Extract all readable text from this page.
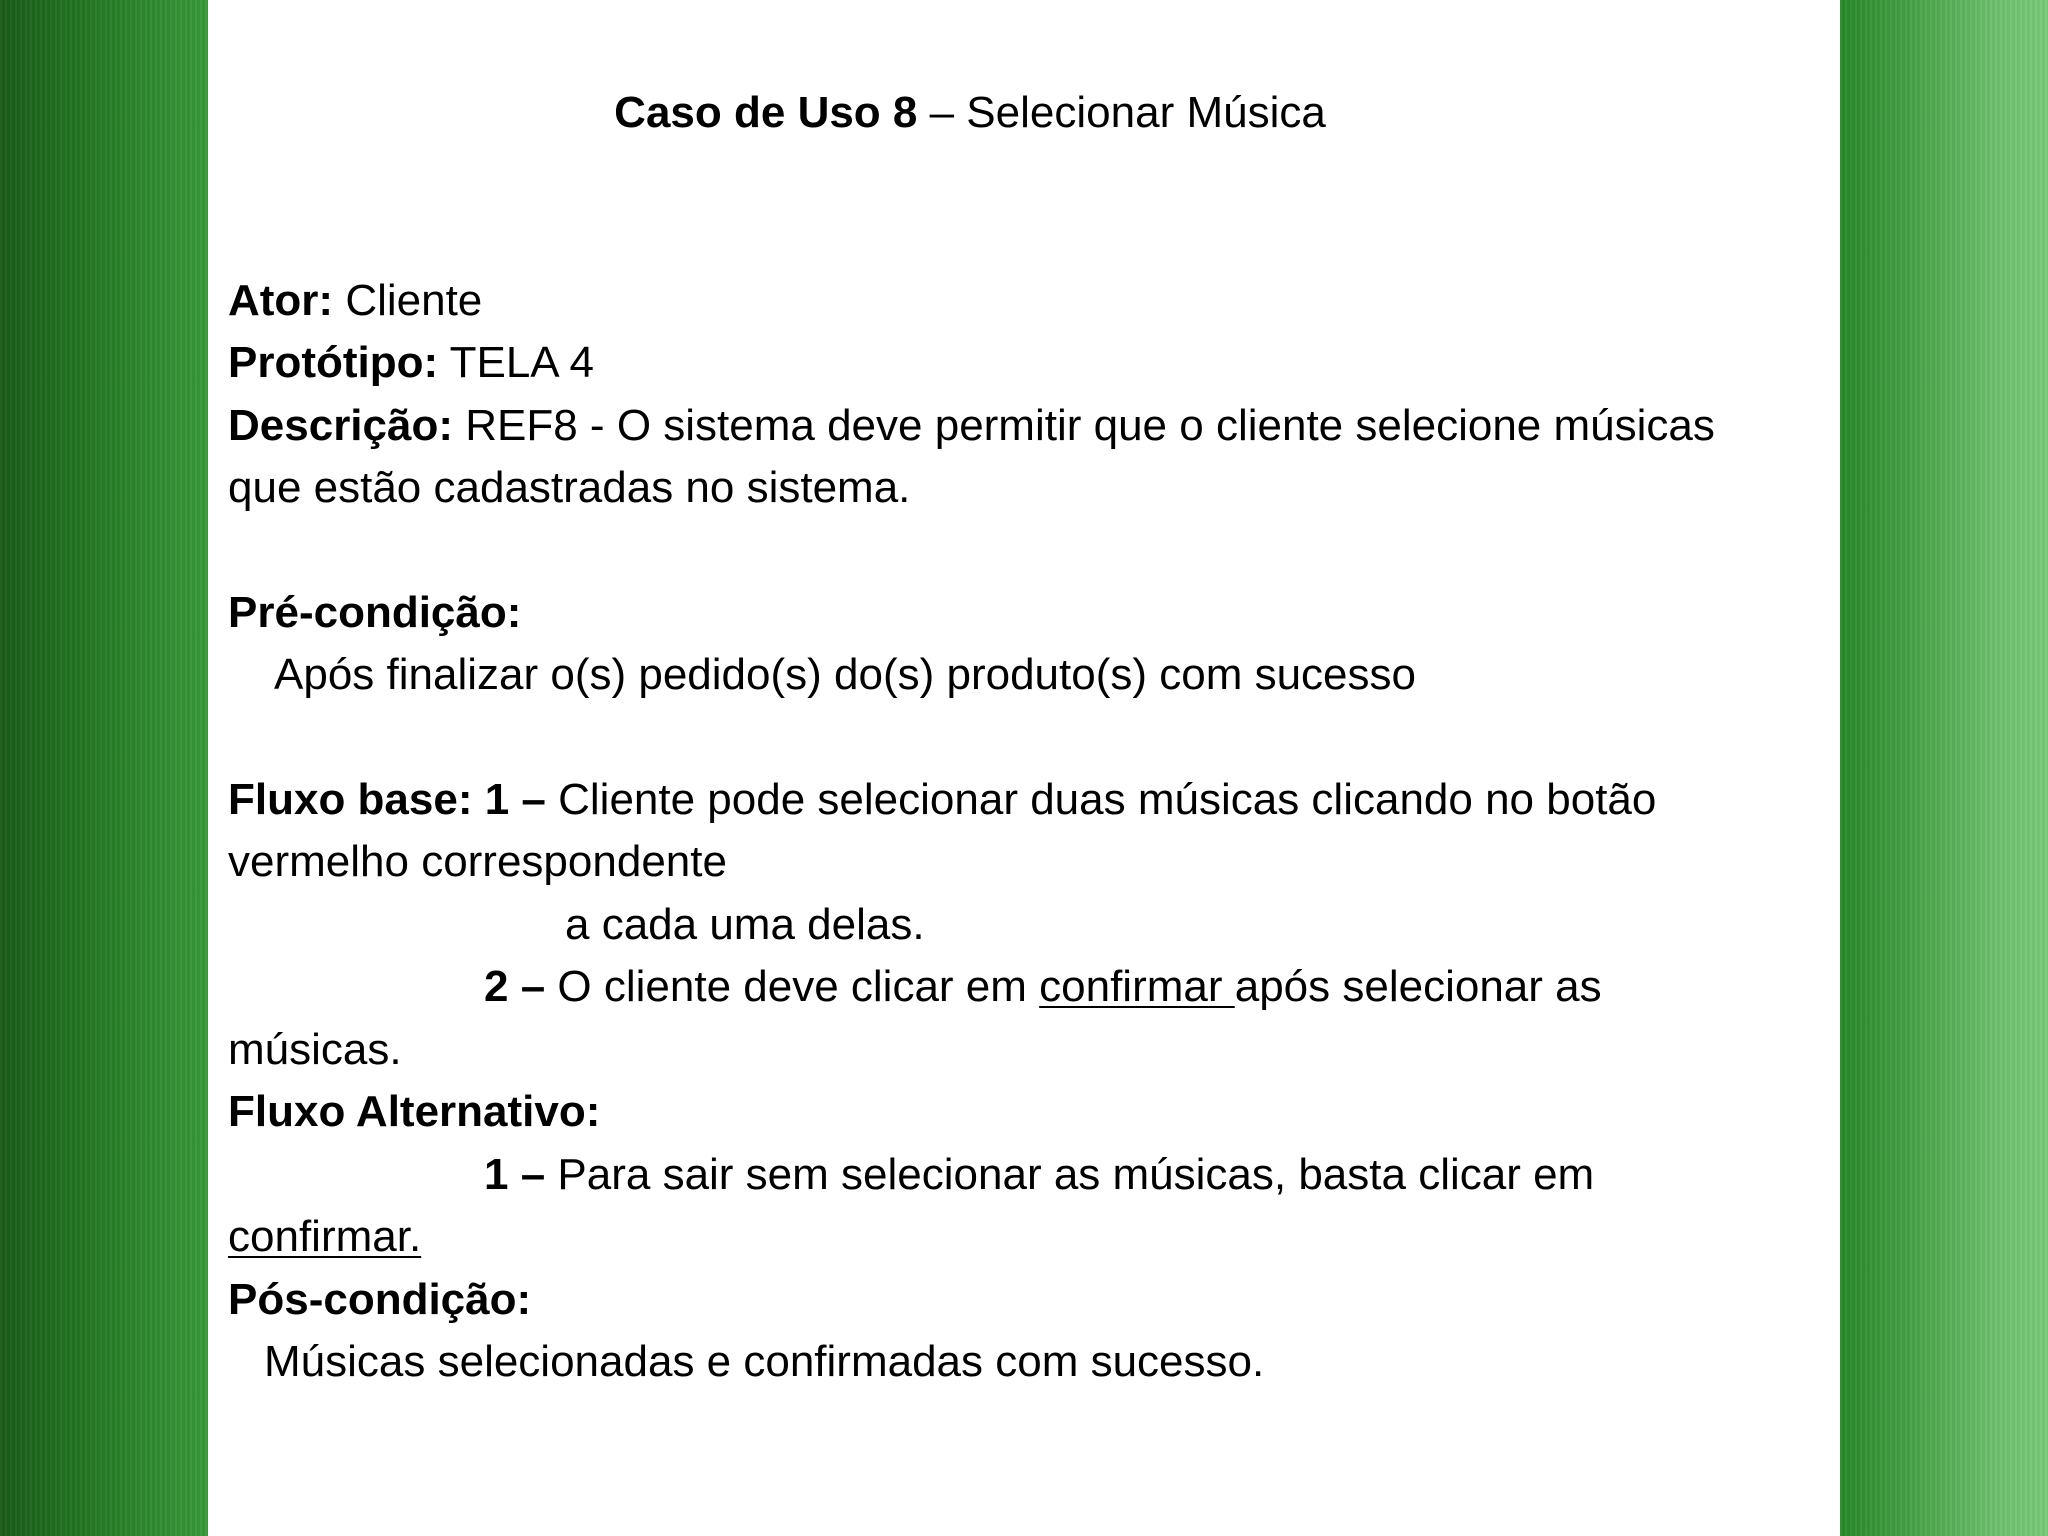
Caso de Uso 8 – Selecionar Música
Ator: Cliente
Protótipo: TELA 4
Descrição: REF8 - O sistema deve permitir que o cliente selecione músicas
que estão cadastradas no sistema.
Pré-condição:
Após finalizar o(s) pedido(s) do(s) produto(s) com sucesso
Fluxo base: 1 – Cliente pode selecionar duas músicas clicando no botão
vermelho correspondente
a cada uma delas.
2 – O cliente deve clicar em confirmar após selecionar as
músicas.
Fluxo Alternativo:
1 – Para sair sem selecionar as músicas, basta clicar em
confirmar.
Pós-condição:
Músicas selecionadas e confirmadas com sucesso.
